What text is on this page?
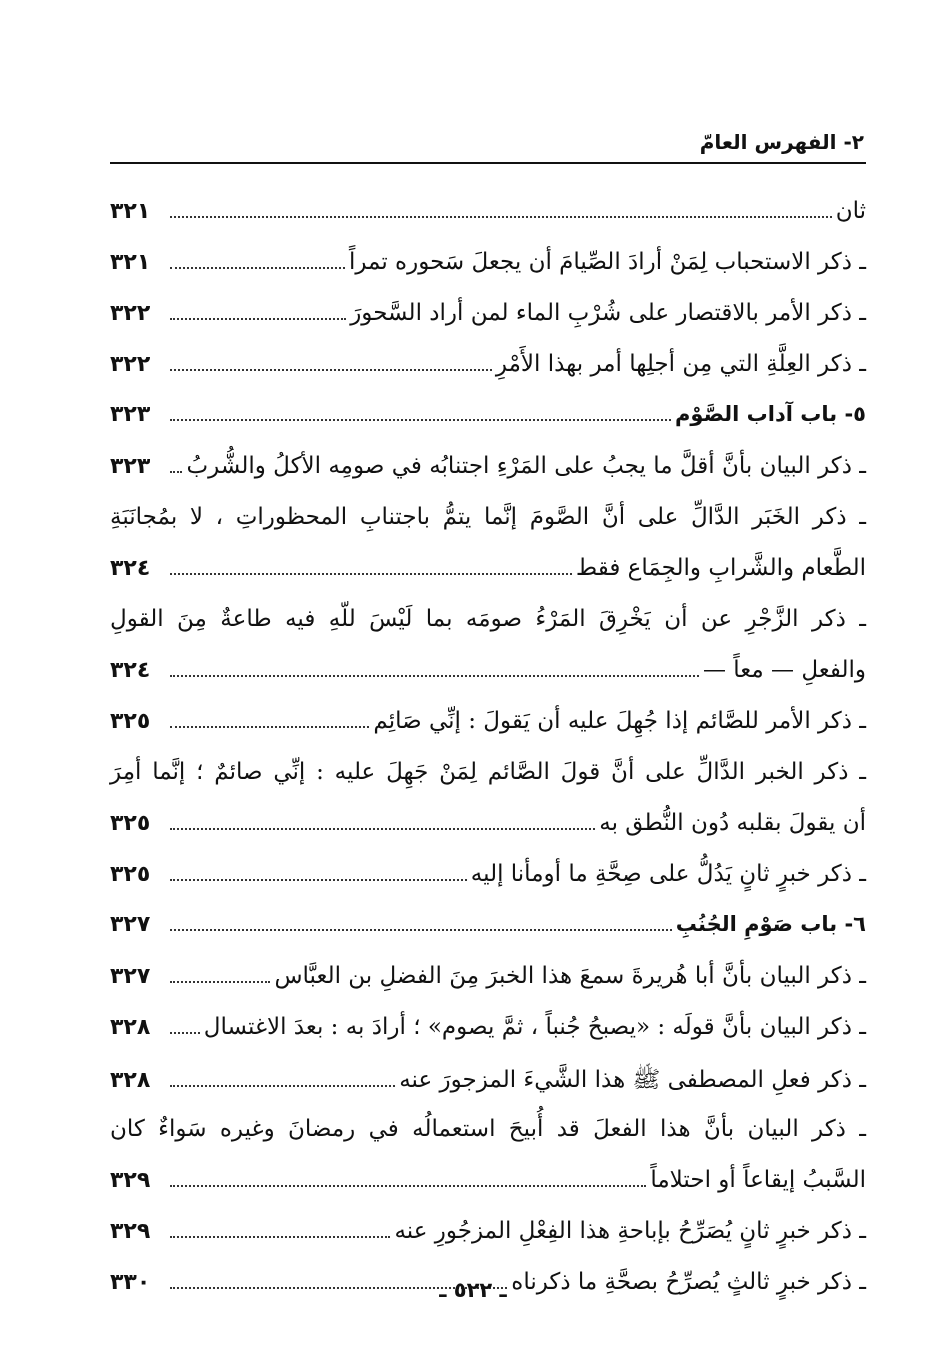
٢- الفهرس العامّ
ثان
٣٢١
ـ ذكر الاستحباب لِمَنْ أرادَ الصِّيامَ أن يجعلَ سَحوره تمراً
٣٢١
ـ ذكر الأمر بالاقتصار على شُرْبِ الماء لمن أراد السَّحورَ
٣٢٢
ـ ذكر العِلَّةِ التي مِن أجلِها أمر بهذا الأَمْرِ
٣٢٢
٥- باب آداب الصَّوْم
٣٢٣
ـ ذكر البيان بأنَّ أقلَّ ما يجبُ على المَرْءِ اجتنابُه في صومِه الأكلُ والشُّربُ
٣٢٣
ـ ذكر الخَبَر الدَّالِّ على أنَّ الصَّومَ إنَّما يتمُّ باجتنابِ المحظوراتِ ، لا بمُجانَبَةِ
الطَّعام والشَّرابِ والجِمَاع فقط
٣٢٤
ـ ذكر الزَّجْرِ عن أن يَخْرِقَ المَرْءُ صومَه بما لَيْسَ للّهِ فيه طاعةٌ مِنَ القولِ
والفعلِ — معاً —
٣٢٤
ـ ذكر الأمر للصَّائم إذا جُهِلَ عليه أن يَقولَ : إنِّي صَائِم
٣٢٥
ـ ذكر الخبر الدَّالِّ على أنَّ قولَ الصَّائم لِمَنْ جَهِلَ عليه : إنِّي صائمٌ ؛ إنَّما أمِرَ
أن يقولَ بقلبه دُون النُّطق به
٣٢٥
ـ ذكر خبرٍ ثانٍ يَدُلُّ على صِحَّةِ ما أومأنا إليه
٣٢٥
٦- باب صَوْمِ الجُنُبِ
٣٢٧
ـ ذكر البيان بأنَّ أبا هُريرةَ سمعَ هذا الخبرَ مِنَ الفضلِ بن العبَّاس
٣٢٧
ـ ذكر البيان بأنَّ قولَه : «يصبحُ جُنباً ، ثمَّ يصوم» ؛ أرادَ به : بعدَ الاغتسال
٣٢٨
ـ ذكر فعلِ المصطفى ﷺ هذا الشَّيءَ المزجورَ عنه
٣٢٨
ـ ذكر البيان بأنَّ هذا الفعلَ قد أُبيحَ استعمالُه في رمضانَ وغيره سَواءٌ كان
السَّببُ إيقاعاً أو احتلاماً
٣٢٩
ـ ذكر خبرٍ ثانٍ يُصَرِّحُ بإباحةِ هذا الفِعْلِ المزجُورِ عنه
٣٢٩
ـ ذكر خبرٍ ثالثٍ يُصرِّحُ بصحَّةِ ما ذكرناه
٣٣٠	ـ ٥٢٢ ـ
